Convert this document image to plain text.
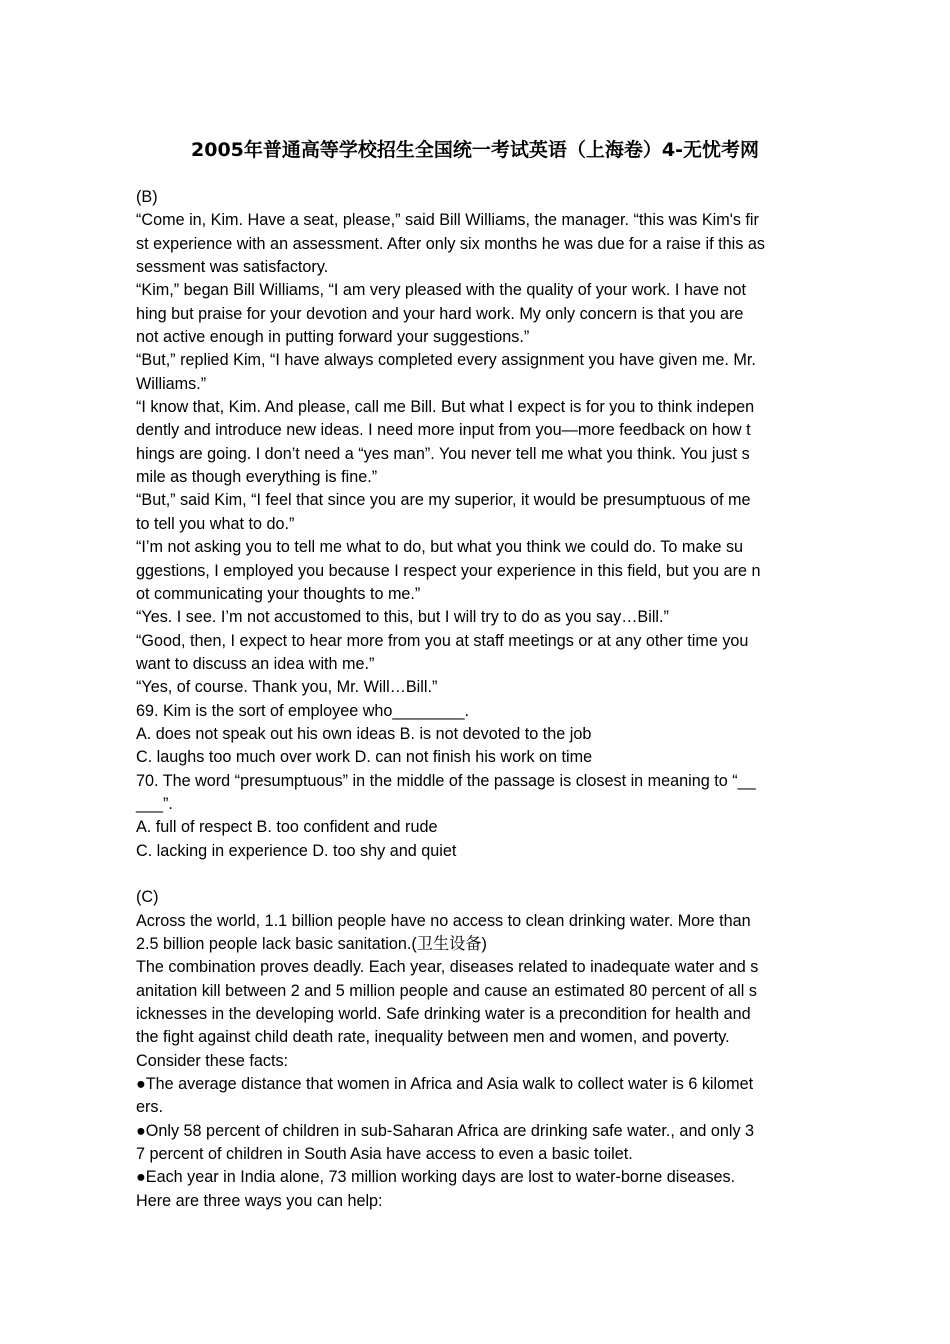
2005年普通高等学校招生全国统一考试英语（上海卷）4-无忧考网
(B)
“Come in, Kim. Have a seat, please,” said Bill Williams, the manager. “this was Kim's fir
st experience with an assessment. After only six months he was due for a raise if this as
sessment was satisfactory.
“Kim,” began Bill Williams, “I am very pleased with the quality of your work. I have not
hing but praise for your devotion and your hard work. My only concern is that you are
not active enough in putting forward your suggestions.”
“But,” replied Kim, “I have always completed every assignment you have given me. Mr.
Williams.”
“I know that, Kim. And please, call me Bill. But what I expect is for you to think indepen
dently and introduce new ideas. I need more input from you—more feedback on how t
hings are going. I don’t need a “yes man”. You never tell me what you think. You just s
mile as though everything is fine.”
“But,” said Kim, “I feel that since you are my superior, it would be presumptuous of me
to tell you what to do.”
“I’m not asking you to tell me what to do, but what you think we could do. To make su
ggestions, I employed you because I respect your experience in this field, but you are n
ot communicating your thoughts to me.”
“Yes. I see. I’m not accustomed to this, but I will try to do as you say…Bill.”
“Good, then, I expect to hear more from you at staff meetings or at any other time you
want to discuss an idea with me.”
“Yes, of course. Thank you, Mr. Will…Bill.”
69. Kim is the sort of employee who________.
A. does not speak out his own ideas B. is not devoted to the job
C. laughs too much over work D. can not finish his work on time
70. The word “presumptuous” in the middle of the passage is closest in meaning to “__
___”.
A. full of respect B. too confident and rude
C. lacking in experience D. too shy and quiet
(C)
Across the world, 1.1 billion people have no access to clean drinking water. More than
2.5 billion people lack basic sanitation.(卫生设备)
The combination proves deadly. Each year, diseases related to inadequate water and s
anitation kill between 2 and 5 million people and cause an estimated 80 percent of all s
icknesses in the developing world. Safe drinking water is a precondition for health and
the fight against child death rate, inequality between men and women, and poverty.
Consider these facts:
●The average distance that women in Africa and Asia walk to collect water is 6 kilomet
ers.
●Only 58 percent of children in sub-Saharan Africa are drinking safe water., and only 3
7 percent of children in South Asia have access to even a basic toilet.
●Each year in India alone, 73 million working days are lost to water-borne diseases.
Here are three ways you can help:
